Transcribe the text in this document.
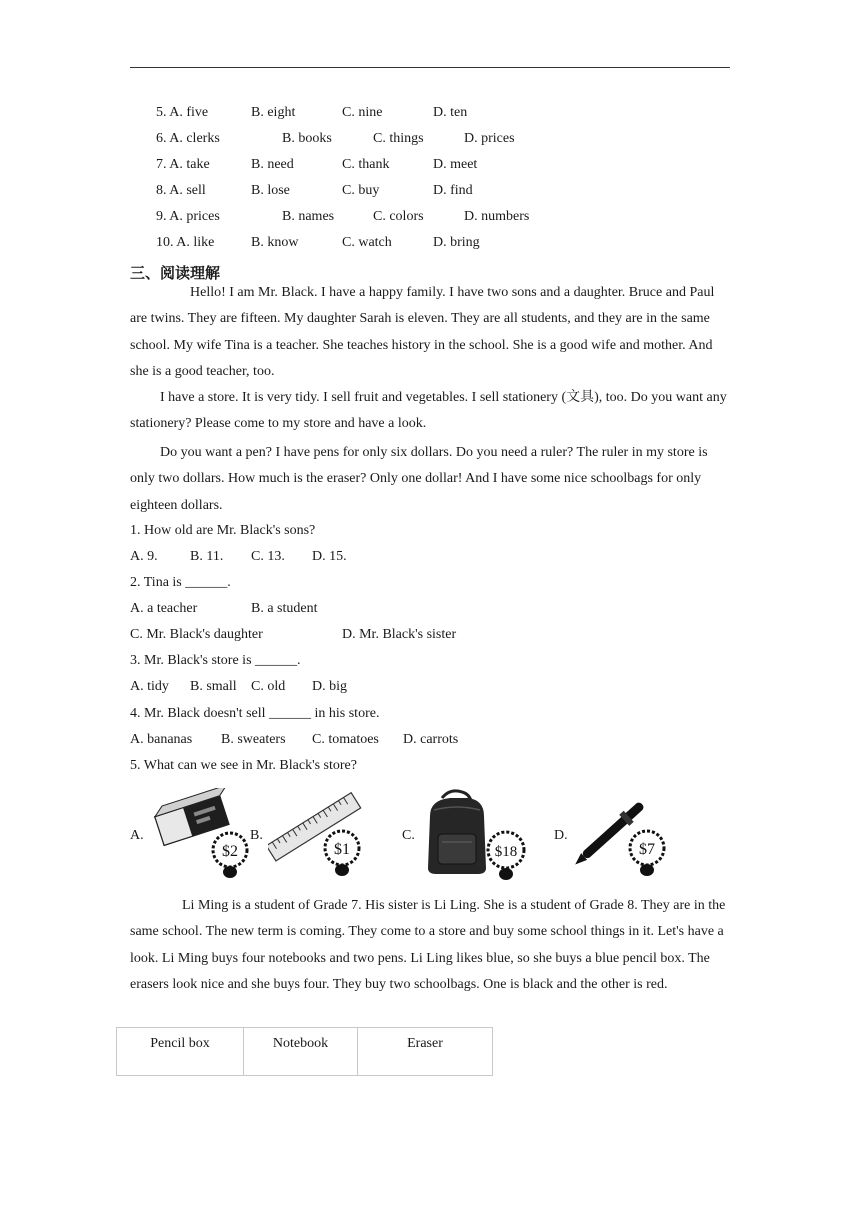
5. A. five	B. eight	C. nine	D. ten
6. A. clerks	B. books	C. things	D. prices
7. A. take	B. need	C. thank	D. meet
8. A. sell	B. lose	C. buy	D. find
9. A. prices	B. names	C. colors	D. numbers
10. A. like	B. know	C. watch	D. bring
三、阅读理解
Hello! I am Mr. Black. I have a happy family. I have two sons and a daughter. Bruce and Paul are twins. They are fifteen. My daughter Sarah is eleven. They are all students, and they are in the same school. My wife Tina is a teacher. She teaches history in the school. She is a good wife and mother. And she is a good teacher, too.
I have a store. It is very tidy. I sell fruit and vegetables. I sell stationery (文具), too. Do you want any stationery? Please come to my store and have a look.
Do you want a pen? I have pens for only six dollars. Do you need a ruler? The ruler in my store is only two dollars. How much is the eraser? Only one dollar! And I have some nice schoolbags for only eighteen dollars.
1. How old are Mr. Black's sons?
A. 9. B. 11. C. 13. D. 15.
2. Tina is ______.
A. a teacher	B. a student
C. Mr. Black's daughter	D. Mr. Black's sister
3. Mr. Black's store is ______.
A. tidy B. small C. old D. big
4. Mr. Black doesn't sell ______ in his store.
A. bananas B. sweaters C. tomatoes D. carrots
5. What can we see in Mr. Black's store?
A.
$2
B.
$1
C.
$18
D.
$7
Li Ming is a student of Grade 7. His sister is Li Ling. She is a student of Grade 8. They are in the same school. The new term is coming. They come to a store and buy some school things in it. Let's have a look. Li Ming buys four notebooks and two pens. Li Ling likes blue, so she buys a blue pencil box. The erasers look nice and she buys four. They buy two schoolbags. One is black and the other is red.
Pencil box	Notebook	Eraser
